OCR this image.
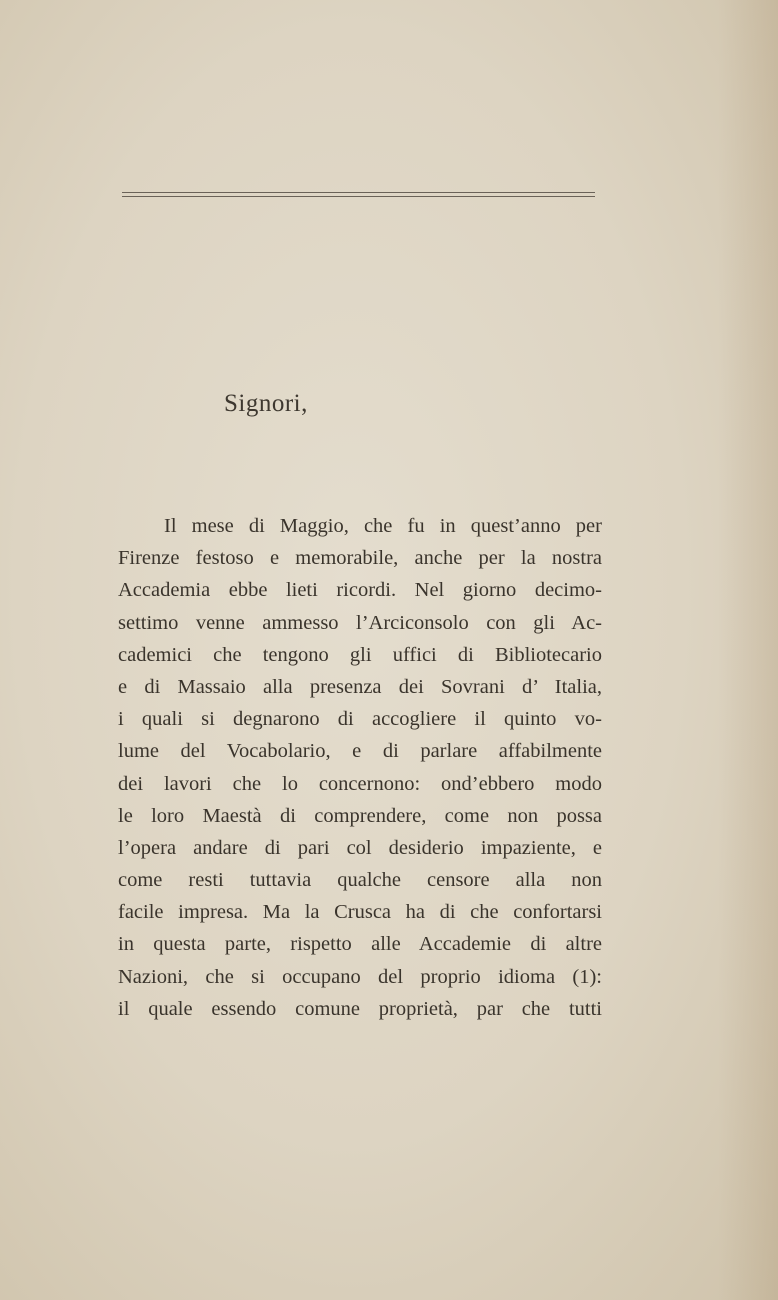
Signori,
Il mese di Maggio, che fu in quest’anno per
Firenze festoso e memorabile, anche per la nostra
Accademia ebbe lieti ricordi. Nel giorno decimo-
settimo venne ammesso l’Arciconsolo con gli Ac-
cademici che tengono gli uffici di Bibliotecario
e di Massaio alla presenza dei Sovrani d’ Italia,
i quali si degnarono di accogliere il quinto vo-
lume del Vocabolario, e di parlare affabilmente
dei lavori che lo concernono: ond’ebbero modo
le loro Maestà di comprendere, come non possa
l’opera andare di pari col desiderio impaziente, e
come resti tuttavia qualche censore alla non
facile impresa. Ma la Crusca ha di che confortarsi
in questa parte, rispetto alle Accademie di altre
Nazioni, che si occupano del proprio idioma (1):
il quale essendo comune proprietà, par che tutti
